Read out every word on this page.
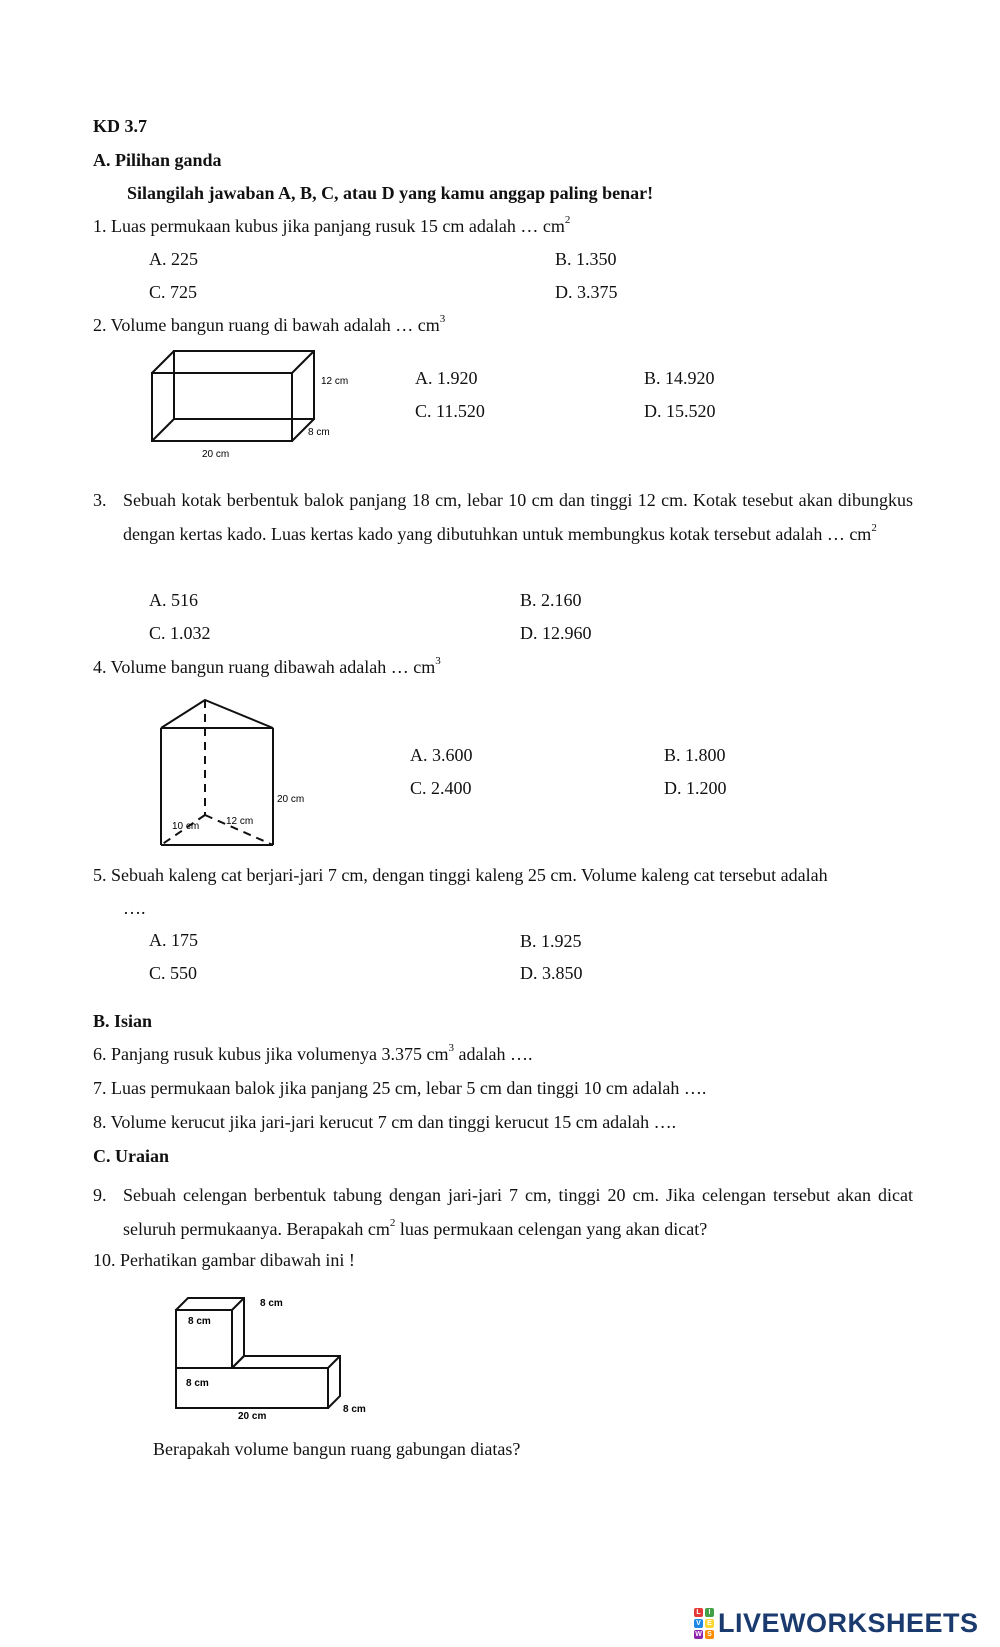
KD 3.7
A. Pilihan ganda
Silangilah jawaban A, B, C, atau D yang kamu anggap paling benar!
1. Luas permukaan kubus jika panjang rusuk 15 cm adalah … $cm^2$
A. 225	B. 1.350
C. 725	D. 3.375
2. Volume bangun ruang di bawah adalah … $cm^3$
12 cm
8 cm
20 cm
A. 1.920	B. 14.920
C. 11.520	D. 15.520
3. Sebuah kotak berbentuk balok panjang 18 cm, lebar 10 cm dan tinggi 12 cm. Kotak tesebut akan dibungkus dengan kertas kado. Luas kertas kado yang dibutuhkan untuk membungkus kotak tersebut adalah … $cm^2$
A. 516	B. 2.160
C. 1.032	D. 12.960
4. Volume bangun ruang dibawah adalah … $cm^3$
20 cm
10 cm	12 cm
A. 3.600	B. 1.800
C. 2.400	D. 1.200
5. Sebuah kaleng cat berjari-jari 7 cm, dengan tinggi kaleng 25 cm. Volume kaleng cat tersebut adalah
….
A. 175	B. 1.925
C. 550	D. 3.850
B. Isian
6. Panjang rusuk kubus jika volumenya 3.375 $cm^3$ adalah ….
7. Luas permukaan balok jika panjang 25 cm, lebar 5 cm dan tinggi 10 cm adalah ….
8. Volume kerucut jika jari-jari kerucut 7 cm dan tinggi kerucut 15 cm adalah ….
C. Uraian
9. Sebuah celengan berbentuk tabung dengan jari-jari 7 cm, tinggi 20 cm. Jika celengan tersebut akan dicat seluruh permukaanya. Berapakah $cm^2$ luas permukaan celengan yang akan dicat?
10. Perhatikan gambar dibawah ini !
8 cm
8 cm
8 cm
20 cm
8 cm
Berapakah volume bangun ruang gabungan diatas?
L	I
V E
W S LIVEWORKSHEETS
